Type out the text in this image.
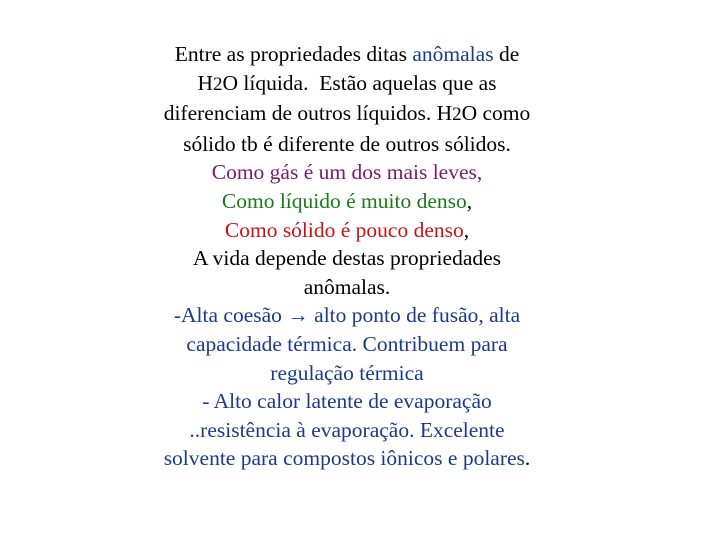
Entre as propriedades ditas anômalas de
H2O líquida.  Estão aquelas que as
diferenciam de outros líquidos. H2O como
sólido tb é diferente de outros sólidos.
Como gás é um dos mais leves,
Como líquido é muito denso,
Como sólido é pouco denso,
A vida depende destas propriedades
anômalas.
-Alta coesão → alto ponto de fusão, alta
capacidade térmica. Contribuem para
regulação térmica
- Alto calor latente de evaporação
..resistência à evaporação. Excelente
solvente para compostos iônicos e polares.
